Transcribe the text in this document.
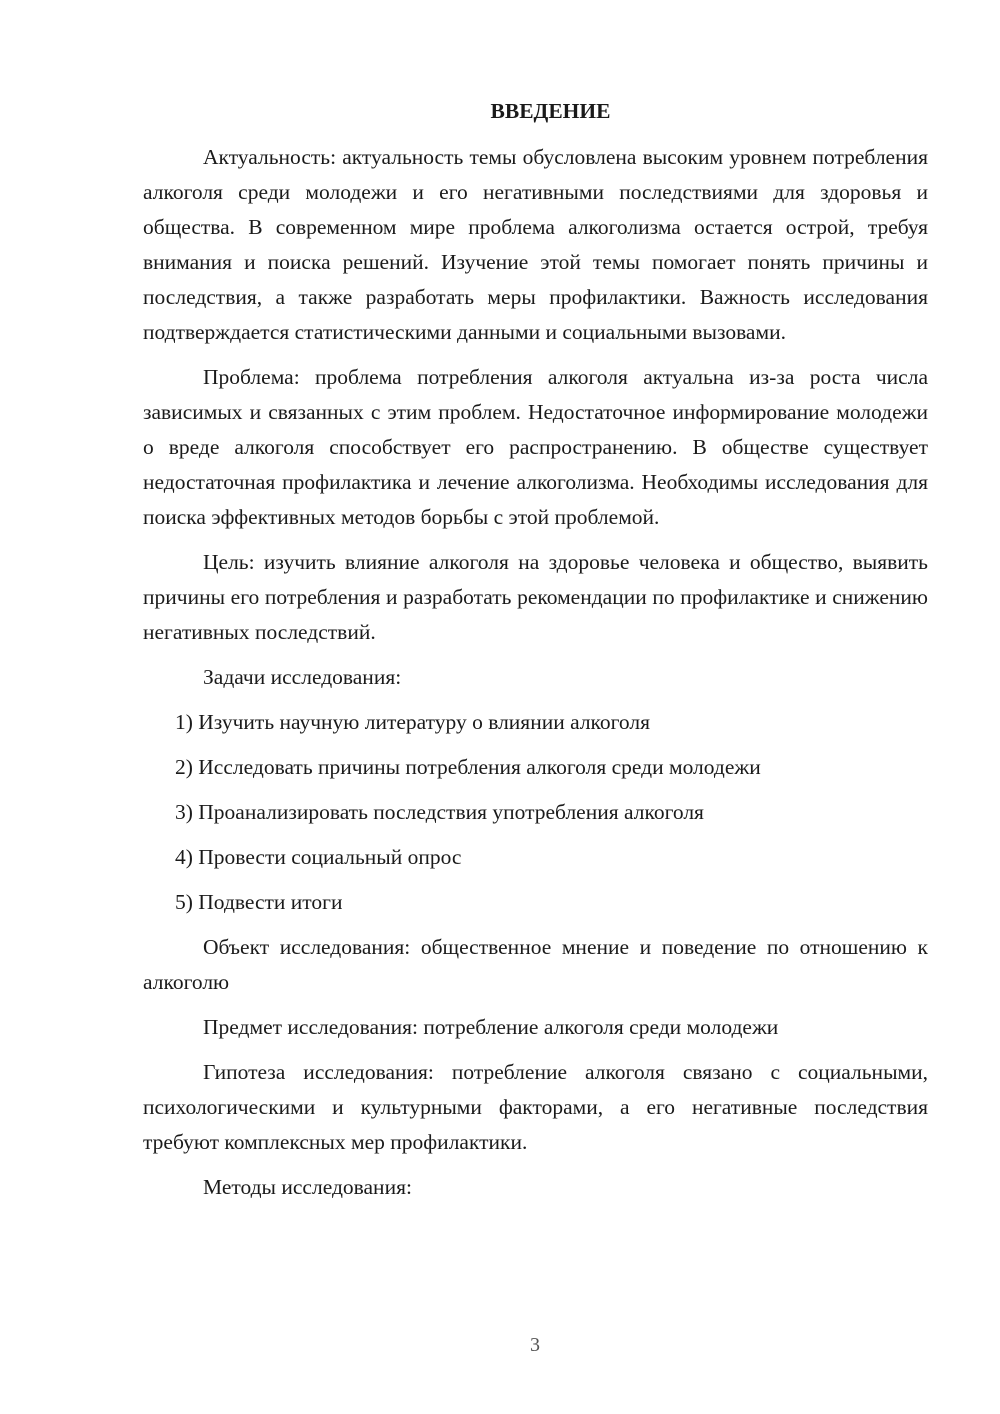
ВВЕДЕНИЕ

Актуальность: актуальность темы обусловлена высоким уровнем потребления алкоголя среди молодежи и его негативными последствиями для здоровья и общества. В современном мире проблема алкоголизма остается острой, требуя внимания и поиска решений. Изучение этой темы помогает понять причины и последствия, а также разработать меры профилактики. Важность исследования подтверждается статистическими данными и социальными вызовами.

Проблема: проблема потребления алкоголя актуальна из-за роста числа зависимых и связанных с этим проблем. Недостаточное информирование молодежи о вреде алкоголя способствует его распространению. В обществе существует недостаточная профилактика и лечение алкоголизма. Необходимы исследования для поиска эффективных методов борьбы с этой проблемой.

Цель: изучить влияние алкоголя на здоровье человека и общество, выявить причины его потребления и разработать рекомендации по профилактике и снижению негативных последствий.

Задачи исследования:

1) Изучить научную литературу о влиянии алкоголя
2) Исследовать причины потребления алкоголя среди молодежи
3) Проанализировать последствия употребления алкоголя
4) Провести социальный опрос
5) Подвести итоги

Объект исследования: общественное мнение и поведение по отношению к алкоголю

Предмет исследования: потребление алкоголя среди молодежи

Гипотеза исследования: потребление алкоголя связано с социальными, психологическими и культурными факторами, а его негативные последствия требуют комплексных мер профилактики.

Методы исследования:

3
